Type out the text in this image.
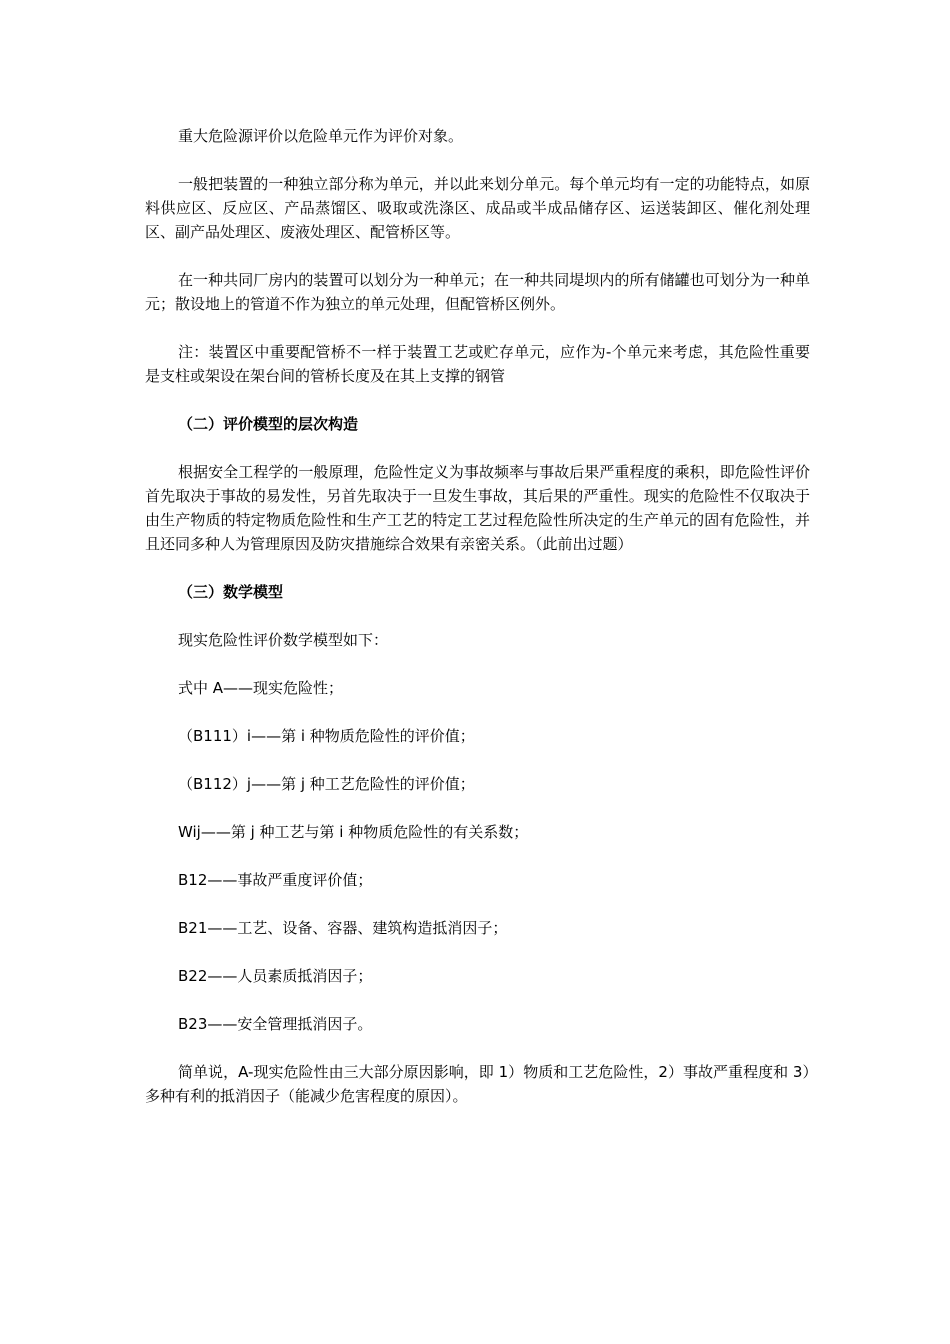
重大危险源评价以危险单元作为评价对象。

一般把装置的一种独立部分称为单元，并以此来划分单元。每个单元均有一定的功能特点，如原料供应区、反应区、产品蒸馏区、吸取或洗涤区、成品或半成品储存区、运送装卸区、催化剂处理区、副产品处理区、废液处理区、配管桥区等。

在一种共同厂房内的装置可以划分为一种单元；在一种共同堤坝内的所有储罐也可划分为一种单元；散设地上的管道不作为独立的单元处理，但配管桥区例外。

注：装置区中重要配管桥不一样于装置工艺或贮存单元，应作为-个单元来考虑，其危险性重要是支柱或架设在架台间的管桥长度及在其上支撑的钢管

（二）评价模型的层次构造

根据安全工程学的一般原理，危险性定义为事故频率与事故后果严重程度的乘积，即危险性评价首先取决于事故的易发性，另首先取决于一旦发生事故，其后果的严重性。现实的危险性不仅取决于由生产物质的特定物质危险性和生产工艺的特定工艺过程危险性所决定的生产单元的固有危险性，并且还同多种人为管理原因及防灾措施综合效果有亲密关系。（此前出过题）

（三）数学模型

现实危险性评价数学模型如下：

式中 A——现实危险性；

（B111）i——第 i 种物质危险性的评价值；

（B112）j——第 j 种工艺危险性的评价值；

Wij——第 j 种工艺与第 i 种物质危险性的有关系数；

B12——事故严重度评价值；

B21——工艺、设备、容器、建筑构造抵消因子；

B22——人员素质抵消因子；

B23——安全管理抵消因子。

简单说，A-现实危险性由三大部分原因影响，即 1）物质和工艺危险性，2）事故严重程度和 3）多种有利的抵消因子（能减少危害程度的原因）。
